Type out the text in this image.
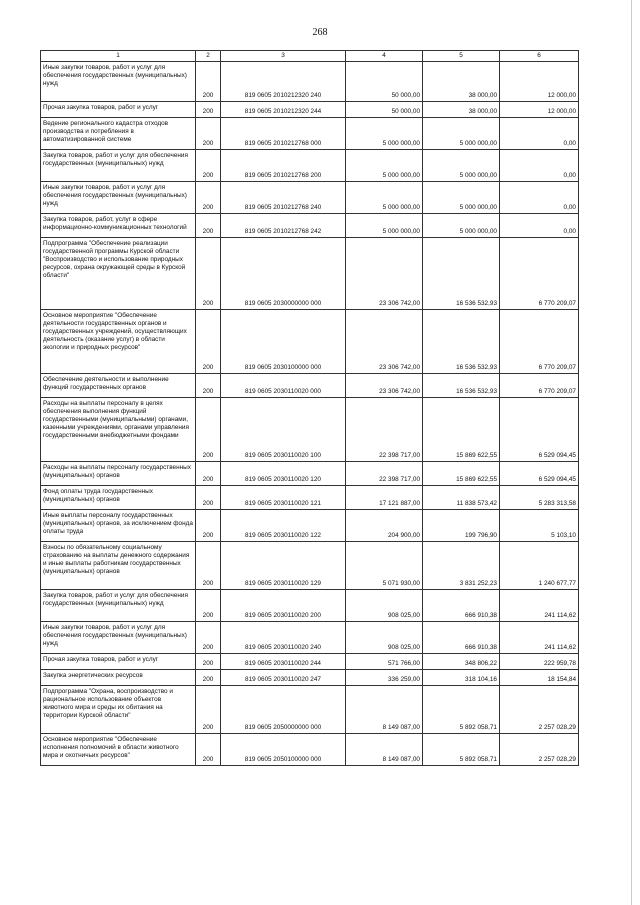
268
1	2	3	4	5	6
Иные закупки товаров, работ и услуг для обеспечения государственных (муниципальных) нужд	200	819 0605 2010212320 240	50 000,00	38 000,00	12 000,00
Прочая закупка товаров, работ и услуг	200	819 0605 2010212320 244	50 000,00	38 000,00	12 000,00
Ведение регионального кадастра отходов производства и потребления в автоматизированной системе	200	819 0605 2010212768 000	5 000 000,00	5 000 000,00	0,00
Закупка товаров, работ и услуг для обеспечения государственных (муниципальных) нужд	200	819 0605 2010212768 200	5 000 000,00	5 000 000,00	0,00
Иные закупки товаров, работ и услуг для обеспечения государственных (муниципальных) нужд	200	819 0605 2010212768 240	5 000 000,00	5 000 000,00	0,00
Закупка товаров, работ, услуг в сфере информационно-коммуникационных технологий	200	819 0605 2010212768 242	5 000 000,00	5 000 000,00	0,00
Подпрограмма "Обеспечение реализации государственной программы Курской области "Воспроизводство и использование природных ресурсов, охрана окружающей среды в Курской области"	200	819 0605 2030000000 000	23 306 742,00	16 536 532,93	6 770 209,07
Основное мероприятие "Обеспечение деятельности государственных органов и государственных учреждений, осуществляющих деятельность (оказание услуг) в области экологии и природных ресурсов"	200	819 0605 2030100000 000	23 306 742,00	16 536 532,93	6 770 209,07
Обеспечение деятельности и выполнение функций государственных органов	200	819 0605 2030110020 000	23 306 742,00	16 536 532,93	6 770 209,07
Расходы на выплаты персоналу в целях обеспечения выполнения функций государственными (муниципальными) органами, казенными учреждениями, органами управления государственными внебюджетными фондами	200	819 0605 2030110020 100	22 398 717,00	15 869 622,55	6 529 094,45
Расходы на выплаты персоналу государственных (муниципальных) органов	200	819 0605 2030110020 120	22 398 717,00	15 869 622,55	6 529 094,45
Фонд оплаты труда государственных (муниципальных) органов	200	819 0605 2030110020 121	17 121 887,00	11 838 573,42	5 283 313,58
Иные выплаты персоналу государственных (муниципальных) органов, за исключением фонда оплаты труда	200	819 0605 2030110020 122	204 900,00	199 796,90	5 103,10
Взносы по обязательному социальному страхованию на выплаты денежного содержания и иные выплаты работникам государственных (муниципальных) органов	200	819 0605 2030110020 129	5 071 930,00	3 831 252,23	1 240 677,77
Закупка товаров, работ и услуг для обеспечения государственных (муниципальных) нужд	200	819 0605 2030110020 200	908 025,00	666 910,38	241 114,62
Иные закупки товаров, работ и услуг для обеспечения государственных (муниципальных) нужд	200	819 0605 2030110020 240	908 025,00	666 910,38	241 114,62
Прочая закупка товаров, работ и услуг	200	819 0605 2030110020 244	571 766,00	348 806,22	222 959,78
Закупка энергетических ресурсов	200	819 0605 2030110020 247	336 259,00	318 104,16	18 154,84
Подпрограмма "Охрана, воспроизводство и рациональное использование объектов животного мира и среды их обитания на территории Курской области"	200	819 0605 2050000000 000	8 149 087,00	5 892 058,71	2 257 028,29
Основное мероприятие "Обеспечение исполнения полномочий в области животного мира и охотничьих ресурсов"	200	819 0605 2050100000 000	8 149 087,00	5 892 058,71	2 257 028,29
